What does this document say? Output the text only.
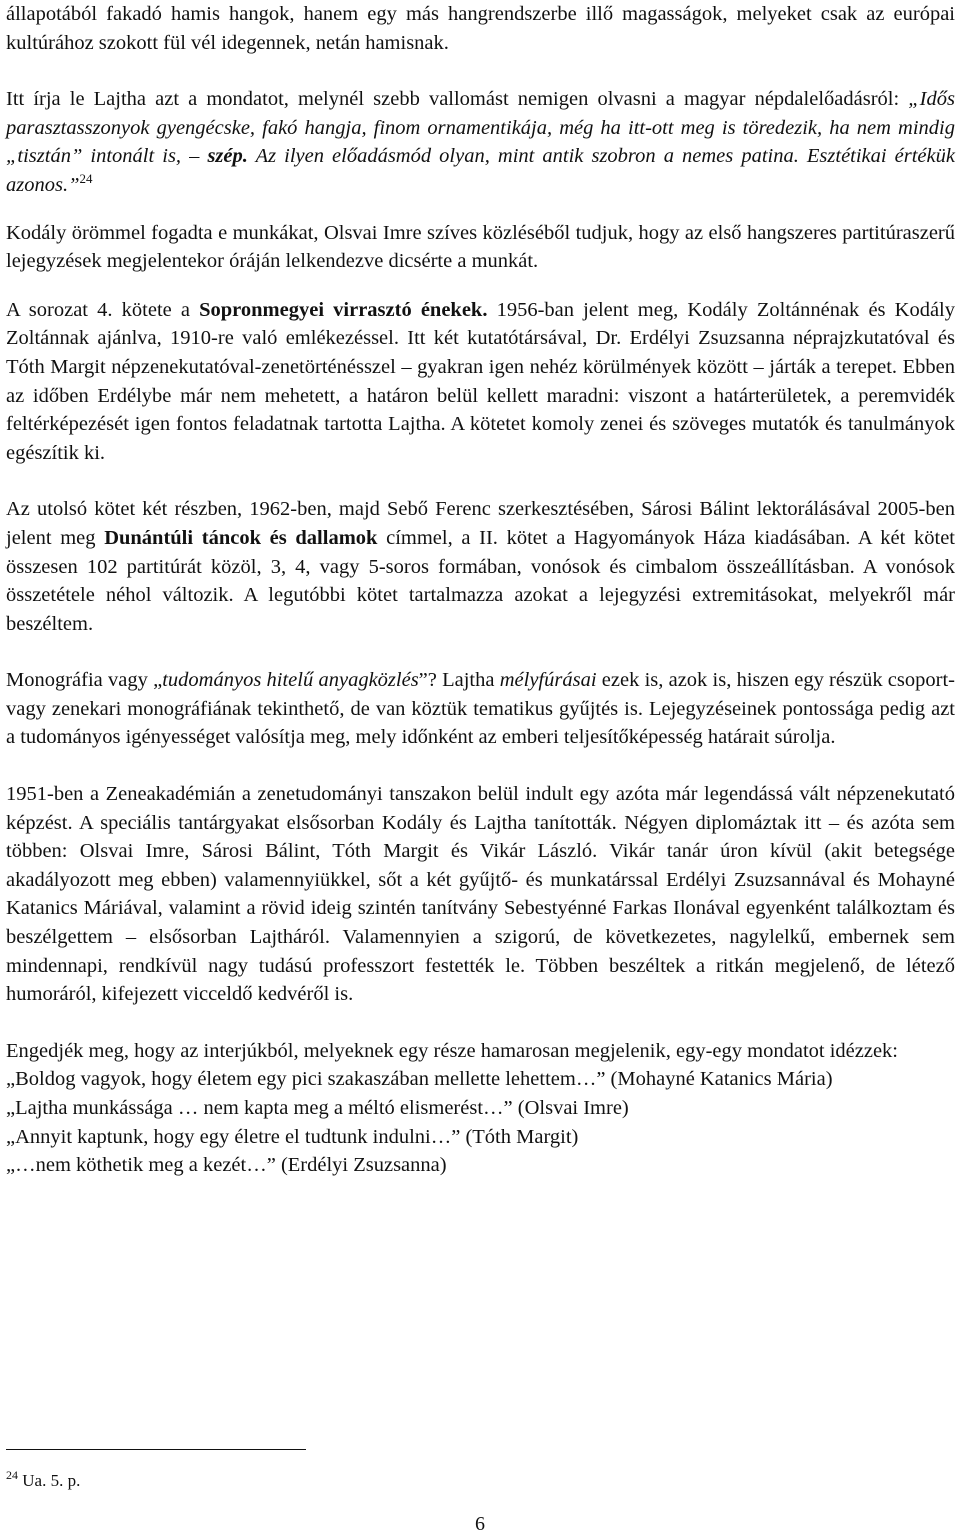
állapotából fakadó hamis hangok, hanem egy más hangrendszerbe illő magasságok, melyeket csak az európai kultúrához szokott fül vél idegennek, netán hamisnak.

Itt írja le Lajtha azt a mondatot, melynél szebb vallomást nemigen olvasni a magyar népdalelőadásról: „Idős parasztasszonyok gyengécske, fakó hangja, finom ornamentikája, még ha itt-ott meg is töredezik, ha nem mindig „tisztán” intonált is, – szép. Az ilyen előadásmód olyan, mint antik szobron a nemes patina. Esztétikai értékük azonos.”$^{24}$

Kodály örömmel fogadta e munkákat, Olsvai Imre szíves közléséből tudjuk, hogy az első hangszeres partitúraszerű lejegyzések megjelentekor óráján lelkendezve dicsérte a munkát.

A sorozat 4. kötete a Sopronmegyei virrasztó énekek. 1956-ban jelent meg, Kodály Zoltánnénak és Kodály Zoltánnak ajánlva, 1910-re való emlékezéssel. Itt két kutatótársával, Dr. Erdélyi Zsuzsanna néprajzkutatóval és Tóth Margit népzenekutatóval-zenetörténésszel – gyakran igen nehéz körülmények között – járták a terepet. Ebben az időben Erdélybe már nem mehetett, a határon belül kellett maradni: viszont a határterületek, a peremvidék feltérképezését igen fontos feladatnak tartotta Lajtha. A kötetet komoly zenei és szöveges mutatók és tanulmányok egészítik ki.

Az utolsó kötet két részben, 1962-ben, majd Sebő Ferenc szerkesztésében, Sárosi Bálint lektorálásával 2005-ben jelent meg Dunántúli táncok és dallamok címmel, a II. kötet a Hagyományok Háza kiadásában. A két kötet összesen 102 partitúrát közöl, 3, 4, vagy 5-soros formában, vonósok és cimbalom összeállításban. A vonósok összetétele néhol változik. A legutóbbi kötet tartalmazza azokat a lejegyzési extremitásokat, melyekről már beszéltem.

Monográfia vagy „tudományos hitelű anyagközlés”? Lajtha mélyfúrásai ezek is, azok is, hiszen egy részük csoport- vagy zenekari monográfiának tekinthető, de van köztük tematikus gyűjtés is. Lejegyzéseinek pontossága pedig azt a tudományos igényességet valósítja meg, mely időnként az emberi teljesítőképesség határait súrolja.

1951-ben a Zeneakadémián a zenetudományi tanszakon belül indult egy azóta már legendássá vált népzenekutató képzést. A speciális tantárgyakat elsősorban Kodály és Lajtha tanították. Négyen diplomáztak itt – és azóta sem többen: Olsvai Imre, Sárosi Bálint, Tóth Margit és Vikár László. Vikár tanár úron kívül (akit betegsége akadályozott meg ebben) valamennyiükkel, sőt a két gyűjtő- és munkatárssal Erdélyi Zsuzsannával és Mohayné Katanics Máriával, valamint a rövid ideig szintén tanítvány Sebestyénné Farkas Ilonával egyenként találkoztam és beszélgettem – elsősorban Lajtháról. Valamennyien a szigorú, de következetes, nagylelkű, embernek sem mindennapi, rendkívül nagy tudású professzort festették le. Többen beszéltek a ritkán megjelenő, de létező humoráról, kifejezett vicceldő kedvéről is.

Engedjék meg, hogy az interjúkból, melyeknek egy része hamarosan megjelenik, egy-egy mondatot idézzek:

„Boldog vagyok, hogy életem egy pici szakaszában mellette lehettem…” (Mohayné Katanics Mária)
„Lajtha munkássága … nem kapta meg a méltó elismerést…” (Olsvai Imre)
„Annyit kaptunk, hogy egy életre el tudtunk indulni…” (Tóth Margit)
„…nem köthetik meg a kezét…” (Erdélyi Zsuzsanna)
$^{24}$ Ua. 5. p.
6
